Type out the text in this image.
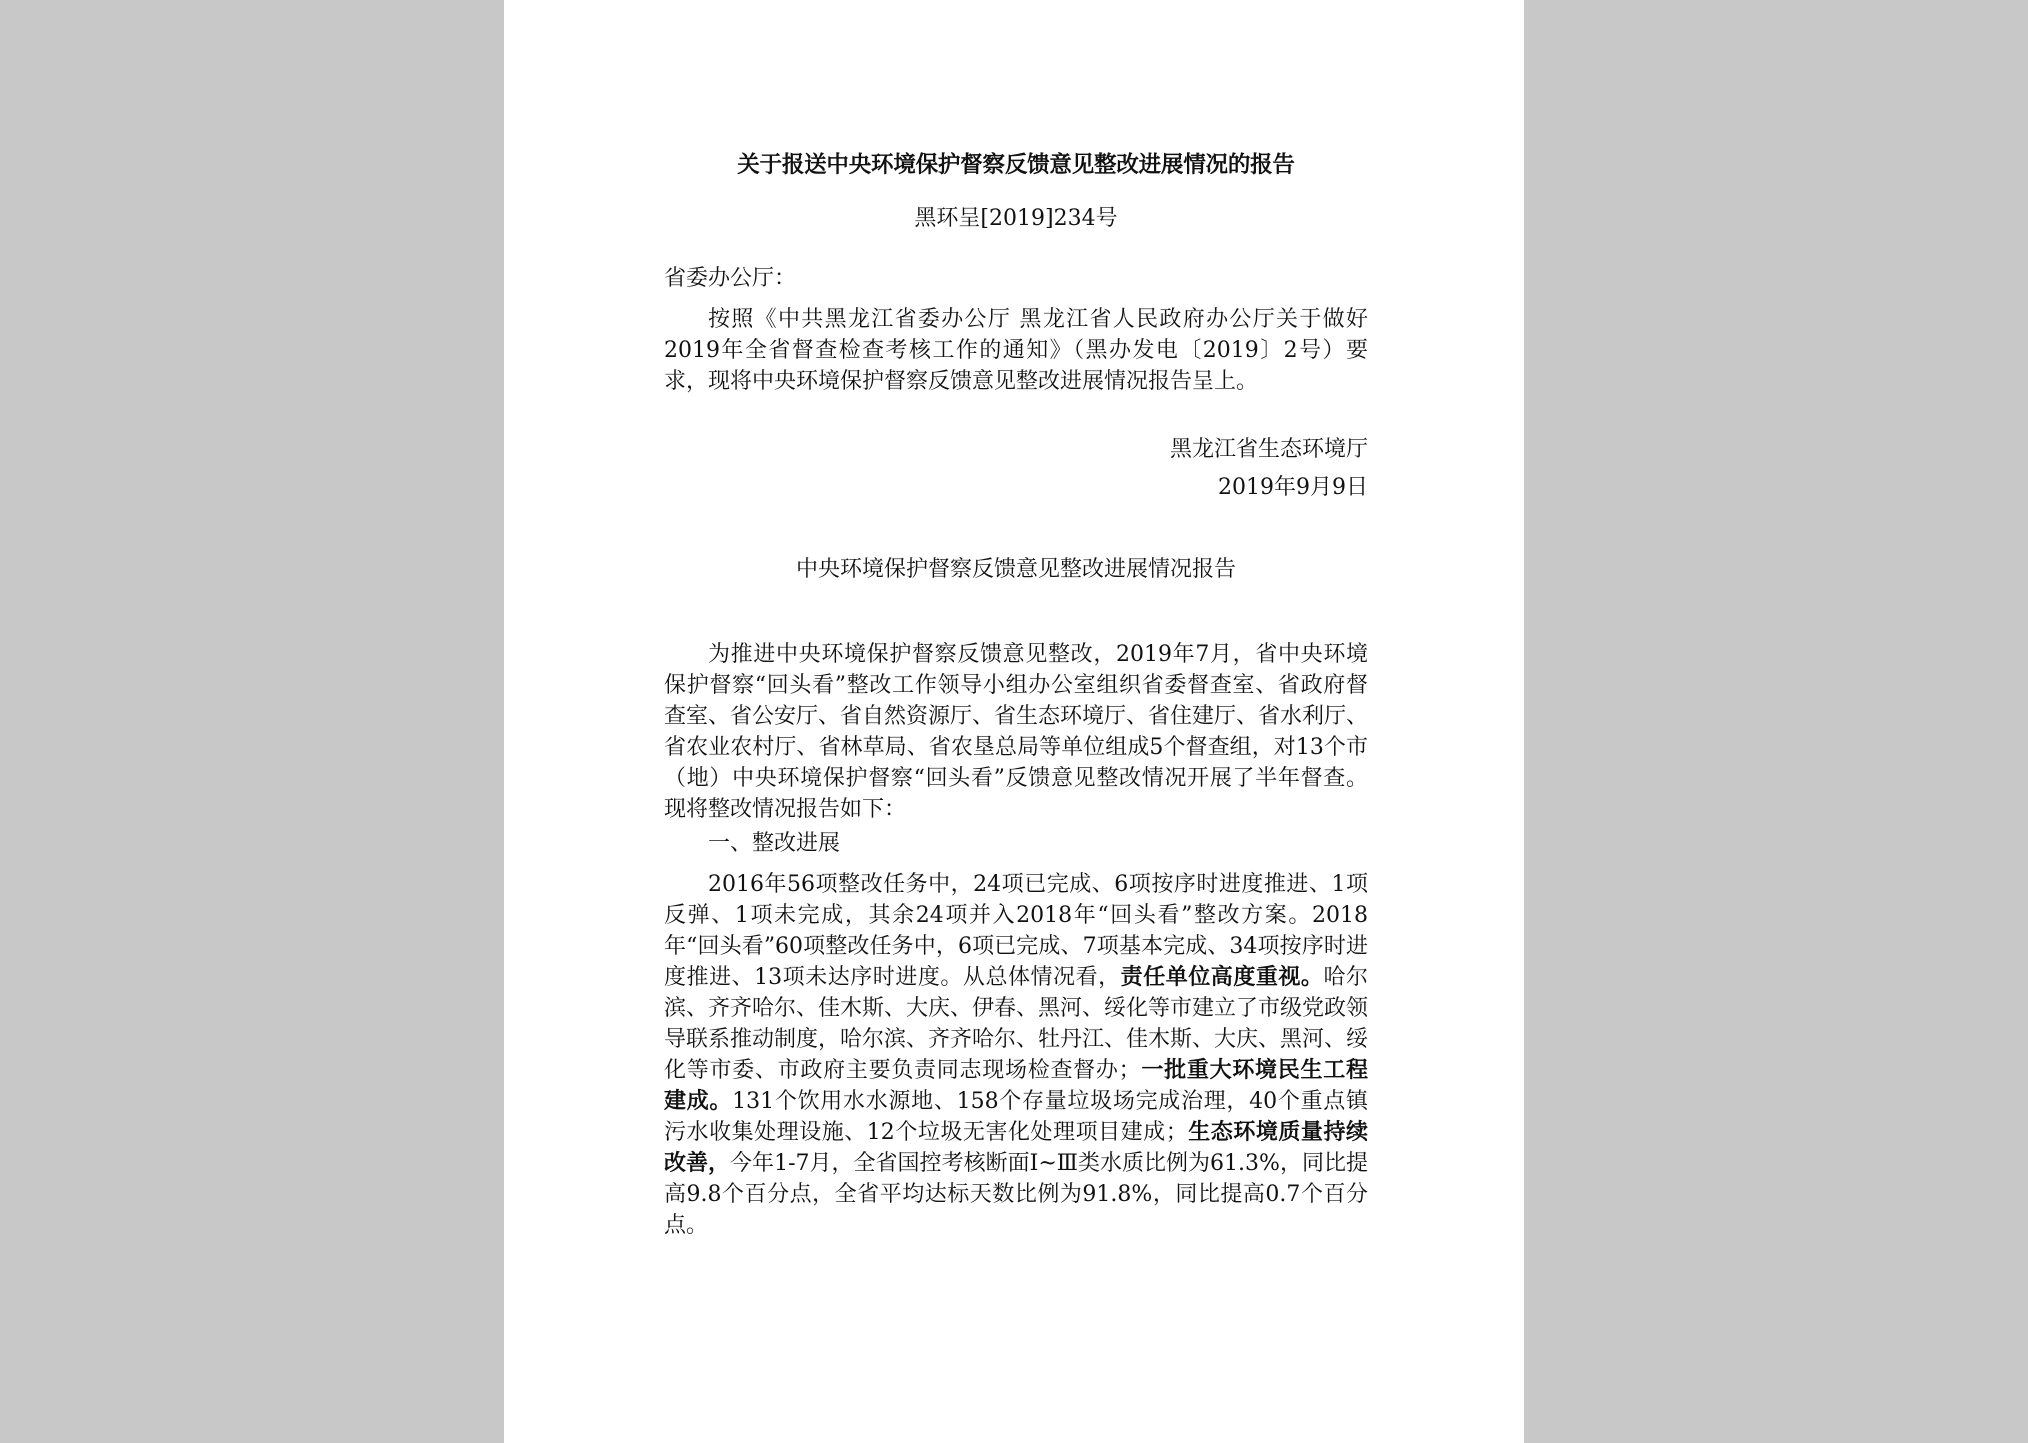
关于报送中央环境保护督察反馈意见整改进展情况的报告
黑环呈[2019]234号
省委办公厅：

按照《中共黑龙江省委办公厅 黑龙江省人民政府办公厅关于做好2019年全省督查检查考核工作的通知》（黑办发电〔2019〕2号）要求，现将中央环境保护督察反馈意见整改进展情况报告呈上。

黑龙江省生态环境厅
2019年9月9日
中央环境保护督察反馈意见整改进展情况报告

为推进中央环境保护督察反馈意见整改，2019年7月，省中央环境保护督察“回头看”整改工作领导小组办公室组织省委督查室、省政府督查室、省公安厅、省自然资源厅、省生态环境厅、省住建厅、省水利厅、省农业农村厅、省林草局、省农垦总局等单位组成5个督查组，对13个市（地）中央环境保护督察“回头看”反馈意见整改情况开展了半年督查。现将整改情况报告如下：

一、整改进展

2016年56项整改任务中，24项已完成、6项按序时进度推进、1项反弹、1项未完成，其余24项并入2018年“回头看”整改方案。2018年“回头看”60项整改任务中，6项已完成、7项基本完成、34项按序时进度推进、13项未达序时进度。从总体情况看，责任单位高度重视。哈尔滨、齐齐哈尔、佳木斯、大庆、伊春、黑河、绥化等市建立了市级党政领导联系推动制度，哈尔滨、齐齐哈尔、牡丹江、佳木斯、大庆、黑河、绥化等市委、市政府主要负责同志现场检查督办；一批重大环境民生工程建成。131个饮用水水源地、158个存量垃圾场完成治理，40个重点镇污水收集处理设施、12个垃圾无害化处理项目建成；生态环境质量持续改善，今年1-7月，全省国控考核断面Ⅰ~Ⅲ类水质比例为61.3%，同比提高9.8个百分点，全省平均达标天数比例为91.8%，同比提高0.7个百分点。
